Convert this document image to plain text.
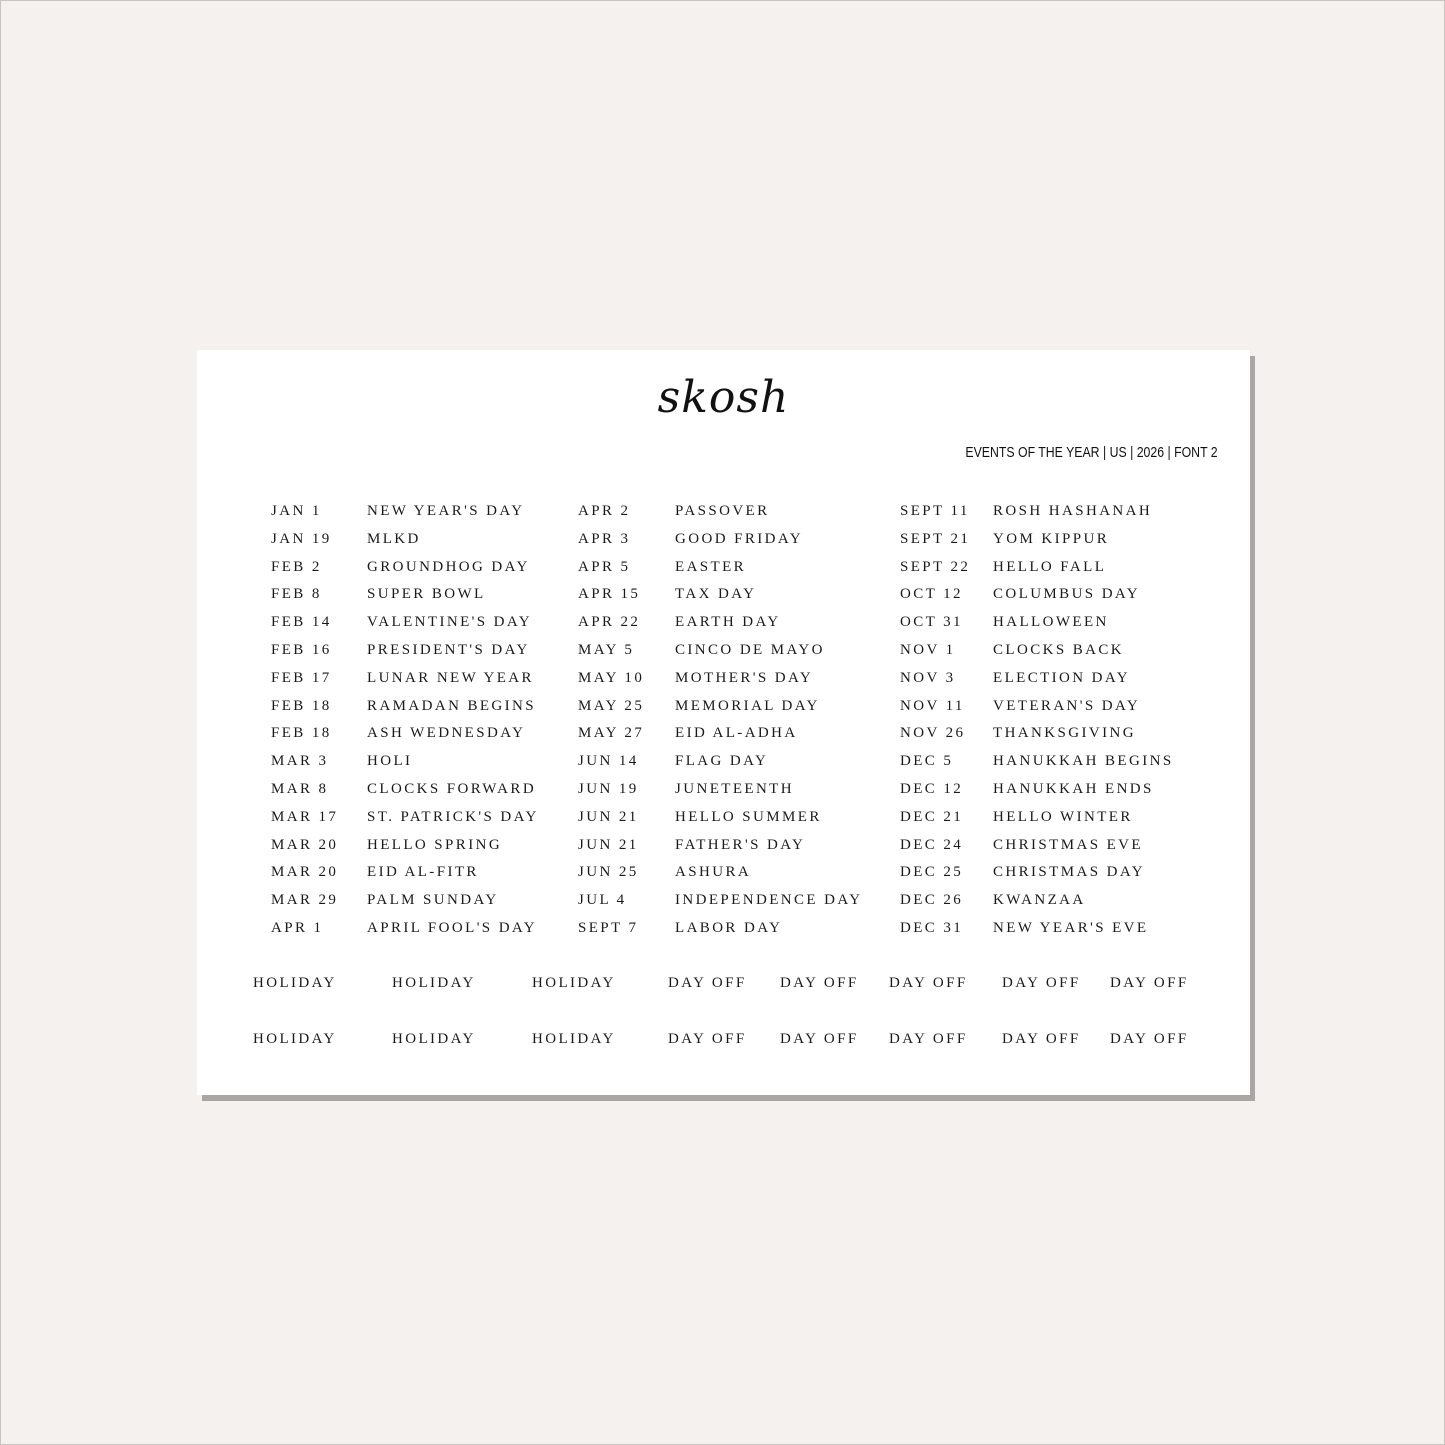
skosh
EVENTS OF THE YEAR | US | 2026 | FONT 2
JAN 1	NEW YEAR'S DAY
JAN 19 MLKD
FEB 2	GROUNDHOG DAY
FEB 8	SUPER BOWL
FEB 14 VALENTINE'S DAY
FEB 16 PRESIDENT'S DAY
FEB 17 LUNAR NEW YEAR
FEB 18 RAMADAN BEGINS
FEB 18 ASH WEDNESDAY
MAR 3	HOLI
MAR 8	CLOCKS FORWARD
MAR 17 ST. PATRICK'S DAY
MAR 20 HELLO SPRING
MAR 20 EID AL-FITR
MAR 29 PALM SUNDAY
APR 1	APRIL FOOL'S DAY
APR 2	PASSOVER
APR 3	GOOD FRIDAY
APR 5	EASTER
APR 15 TAX DAY
APR 22 EARTH DAY
MAY 5	CINCO DE MAYO
MAY 10 MOTHER'S DAY
MAY 25 MEMORIAL DAY
MAY 27 EID AL-ADHA
JUN 14 FLAG DAY
JUN 19 JUNETEENTH
JUN 21 HELLO SUMMER
JUN 21 FATHER'S DAY
JUN 25 ASHURA
JUL 4	INDEPENDENCE DAY
SEPT 7 LABOR DAY
SEPT 11 ROSH HASHANAH
SEPT 21 YOM KIPPUR
SEPT 22 HELLO FALL
OCT 12 COLUMBUS DAY
OCT 31 HALLOWEEN
NOV 1	CLOCKS BACK
NOV 3	ELECTION DAY
NOV 11 VETERAN'S DAY
NOV 26 THANKSGIVING
DEC 5	HANUKKAH BEGINS
DEC 12 HANUKKAH ENDS
DEC 21 HELLO WINTER
DEC 24 CHRISTMAS EVE
DEC 25 CHRISTMAS DAY
DEC 26 KWANZAA
DEC 31 NEW YEAR'S EVE
HOLIDAY	HOLIDAY	HOLIDAY	DAY OFF DAY OFF DAY OFF DAY OFF DAY OFF
HOLIDAY	HOLIDAY	HOLIDAY	DAY OFF DAY OFF DAY OFF DAY OFF DAY OFF
